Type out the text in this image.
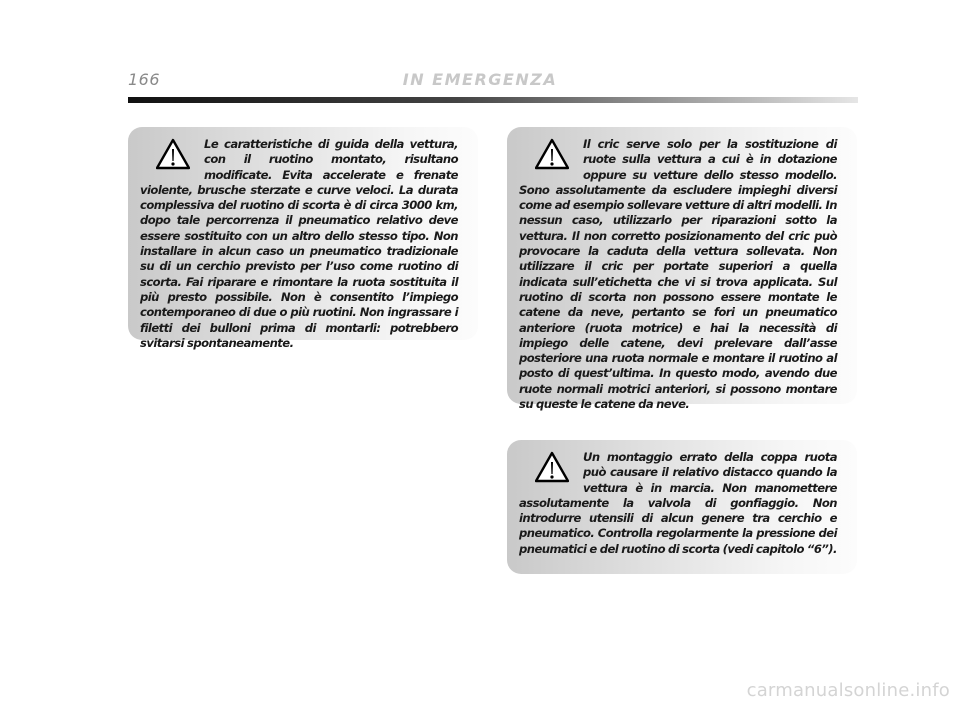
166	IN EMERGENZA

Le caratteristiche di guida della vettura, con il ruotino montato, risultano modificate. Evita accelerate e frenate violente, brusche sterzate e curve veloci. La durata complessiva del ruotino di scorta è di circa 3000 km, dopo tale percorrenza il pneumatico relativo deve essere sostituito con un altro dello stesso tipo. Non installare in alcun caso un pneumatico tradizionale su di un cerchio previsto per l’uso come ruotino di scorta. Fai riparare e rimontare la ruota sostituita il più presto possibile. Non è consentito l’impiego contemporaneo di due o più ruotini. Non ingrassare i filetti dei bulloni prima di montarli: potrebbero svitarsi spontaneamente.

Il cric serve solo per la sostituzione di ruote sulla vettura a cui è in dotazione oppure su vetture dello stesso modello. Sono assolutamente da escludere impieghi diversi come ad esempio sollevare vetture di altri modelli. In nessun caso, utilizzarlo per riparazioni sotto la vettura. Il non corretto posizionamento del cric può provocare la caduta della vettura sollevata. Non utilizzare il cric per portate superiori a quella indicata sull’etichetta che vi si trova applicata. Sul ruotino di scorta non possono essere montate le catene da neve, pertanto se fori un pneumatico anteriore (ruota motrice) e hai la necessità di impiego delle catene, devi prelevare dall’asse posteriore una ruota normale e montare il ruotino al posto di quest’ultima. In questo modo, avendo due ruote normali motrici anteriori, si possono montare su queste le catene da neve.

Un montaggio errato della coppa ruota può causare il relativo distacco quando la vettura è in marcia. Non manomettere assolutamente la valvola di gonfiaggio. Non introdurre utensili di alcun genere tra cerchio e pneumatico. Controlla regolarmente la pressione dei pneumatici e del ruotino di scorta (vedi capitolo “6”).

carmanualsonline.info
